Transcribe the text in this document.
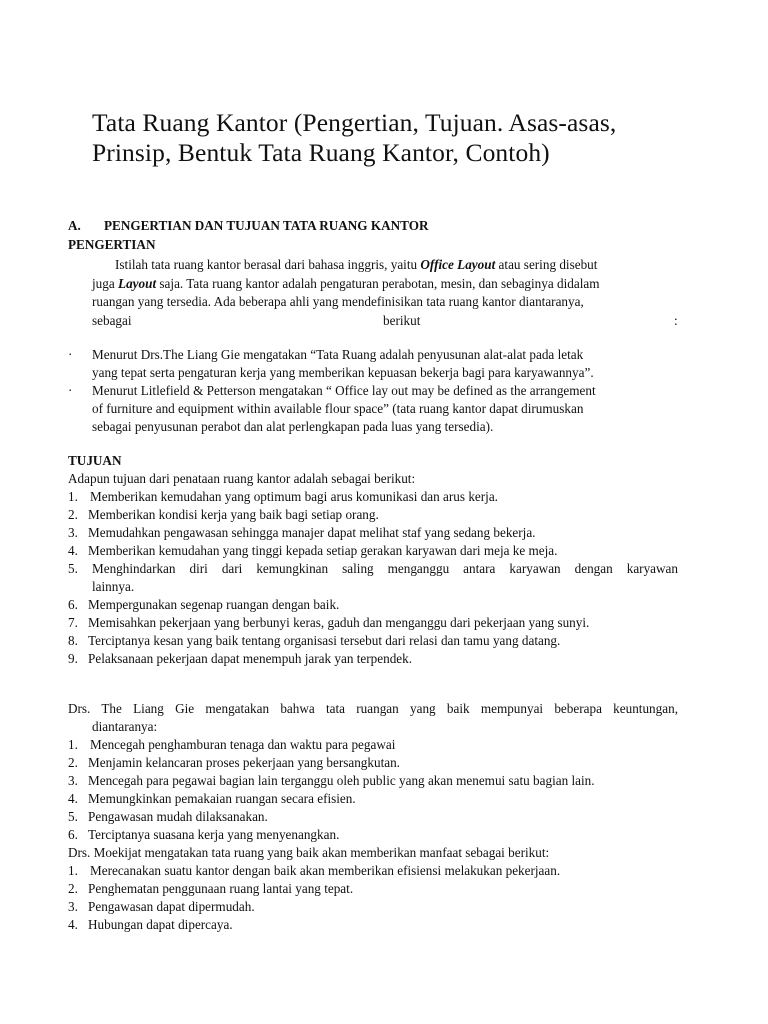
Tata Ruang Kantor (Pengertian, Tujuan. Asas-asas, Prinsip, Bentuk Tata Ruang Kantor, Contoh)
A. PENGERTIAN DAN TUJUAN TATA RUANG KANTOR
PENGERTIAN
Istilah tata ruang kantor berasal dari bahasa inggris, yaitu Office Layout atau sering disebut
juga Layout saja. Tata ruang kantor adalah pengaturan perabotan, mesin, dan sebaginya didalam
ruangan yang tersedia. Ada beberapa ahli yang mendefinisikan tata ruang kantor diantaranya,
sebagai	berikut	:
· Menurut Drs.The Liang Gie mengatakan “Tata Ruang adalah penyusunan alat-alat pada letak
yang tepat serta pengaturan kerja yang memberikan kepuasan bekerja bagi para karyawannya”.
· Menurut Litlefield & Petterson mengatakan “ Office lay out may be defined as the arrangement
of furniture and equipment within available flour space” (tata ruang kantor dapat dirumuskan
sebagai penyusunan perabot dan alat perlengkapan pada luas yang tersedia).
TUJUAN
Adapun tujuan dari penataan ruang kantor adalah sebagai berikut:
1. Memberikan kemudahan yang optimum bagi arus komunikasi dan arus kerja.
2. Memberikan kondisi kerja yang baik bagi setiap orang.
3. Memudahkan pengawasan sehingga manajer dapat melihat staf yang sedang bekerja.
4. Memberikan kemudahan yang tinggi kepada setiap gerakan karyawan dari meja ke meja.
5. Menghindarkan diri dari kemungkinan saling menganggu antara karyawan dengan karyawan
lainnya.
6. Mempergunakan segenap ruangan dengan baik.
7. Memisahkan pekerjaan yang berbunyi keras, gaduh dan menganggu dari pekerjaan yang sunyi.
8. Terciptanya kesan yang baik tentang organisasi tersebut dari relasi dan tamu yang datang.
9. Pelaksanaan pekerjaan dapat menempuh jarak yan terpendek.
Drs. The Liang Gie mengatakan bahwa tata ruangan yang baik mempunyai beberapa keuntungan,
diantaranya:
1. Mencegah penghamburan tenaga dan waktu para pegawai
2. Menjamin kelancaran proses pekerjaan yang bersangkutan.
3. Mencegah para pegawai bagian lain terganggu oleh public yang akan menemui satu bagian lain.
4. Memungkinkan pemakaian ruangan secara efisien.
5. Pengawasan mudah dilaksanakan.
6. Terciptanya suasana kerja yang menyenangkan.
Drs. Moekijat mengatakan tata ruang yang baik akan memberikan manfaat sebagai berikut:
1. Merecanakan suatu kantor dengan baik akan memberikan efisiensi melakukan pekerjaan.
2. Penghematan penggunaan ruang lantai yang tepat.
3. Pengawasan dapat dipermudah.
4. Hubungan dapat dipercaya.
